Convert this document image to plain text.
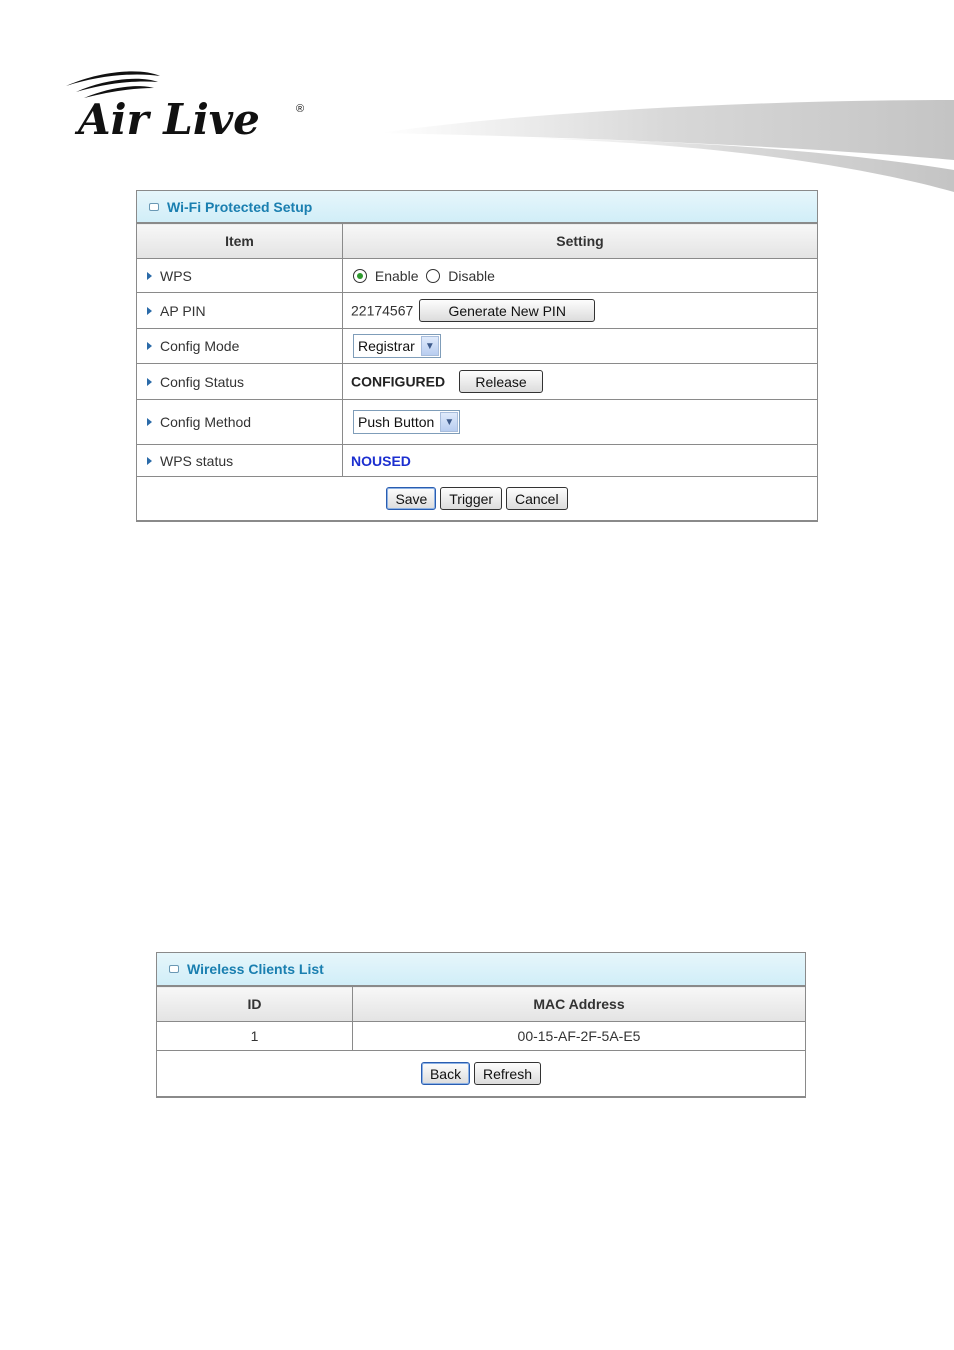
Air Live	®
Wi-Fi Protected Setup
Item	Setting
WPS	Enable Disable
AP PIN	22174567 Generate New PIN
Config Mode	Registrar ▼

Config Status	CONFIGURED Release
Config Method	Push Button ▼

WPS status	NOUSED
Save Trigger Cancel	
Wireless Clients List
ID	MAC Address
1	00-15-AF-2F-5A-E5
Back Refresh	
